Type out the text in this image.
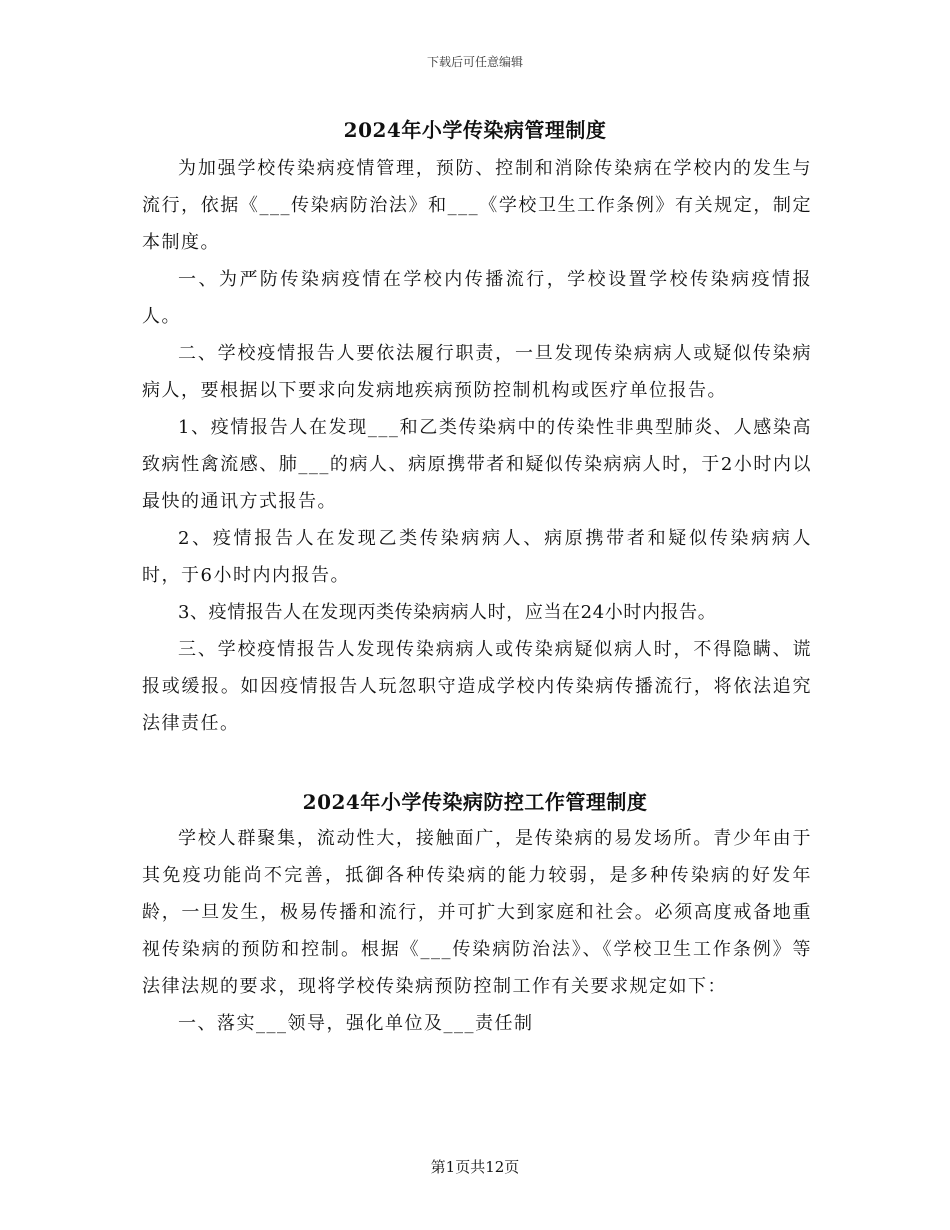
下载后可任意编辑
2024年小学传染病管理制度

为加强学校传染病疫情管理，预防、控制和消除传染病在学校内的发生与流行，依据《___传染病防治法》和___《学校卫生工作条例》有关规定，制定本制度。

一、为严防传染病疫情在学校内传播流行，学校设置学校传染病疫情报人。

二、学校疫情报告人要依法履行职责，一旦发现传染病病人或疑似传染病病人，要根据以下要求向发病地疾病预防控制机构或医疗单位报告。

1、疫情报告人在发现___和乙类传染病中的传染性非典型肺炎、人感染高致病性禽流感、肺___的病人、病原携带者和疑似传染病病人时，于2小时内以最快的通讯方式报告。

2、疫情报告人在发现乙类传染病病人、病原携带者和疑似传染病病人时，于6小时内内报告。

3、疫情报告人在发现丙类传染病病人时，应当在24小时内报告。

三、学校疫情报告人发现传染病病人或传染病疑似病人时，不得隐瞒、谎报或缓报。如因疫情报告人玩忽职守造成学校内传染病传播流行，将依法追究法律责任。

2024年小学传染病防控工作管理制度

学校人群聚集，流动性大，接触面广，是传染病的易发场所。青少年由于其免疫功能尚不完善，抵御各种传染病的能力较弱，是多种传染病的好发年龄，一旦发生，极易传播和流行，并可扩大到家庭和社会。必须高度戒备地重视传染病的预防和控制。根据《___传染病防治法》、《学校卫生工作条例》等法律法规的要求，现将学校传染病预防控制工作有关要求规定如下：

一、落实___领导，强化单位及___责任制

第1页共12页
